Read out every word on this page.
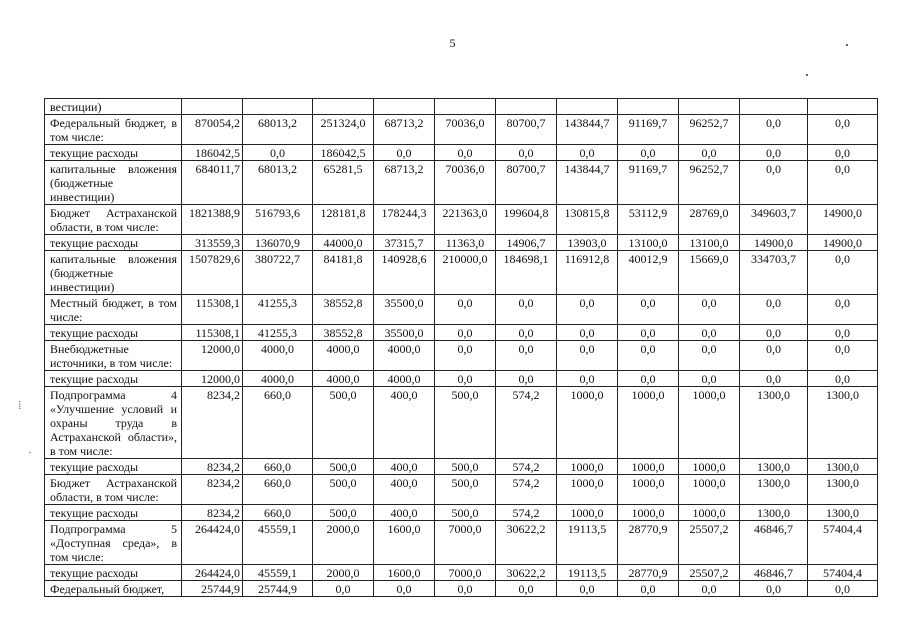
5
⁞
ˎ
вестиции)											
Федеральный бюджет, в том числе:	870054,2	68013,2	251324,0	68713,2	70036,0	80700,7	143844,7	91169,7	96252,7	0,0	0,0
текущие расходы	186042,5	0,0	186042,5	0,0	0,0	0,0	0,0	0,0	0,0	0,0	0,0
капитальные вложения (бюджетные инвестиции)	684011,7	68013,2	65281,5	68713,2	70036,0	80700,7	143844,7	91169,7	96252,7	0,0	0,0
Бюджет Астраханской области, в том числе:	1821388,9	516793,6	128181,8	178244,3	221363,0	199604,8	130815,8	53112,9	28769,0	349603,7	14900,0
текущие расходы	313559,3	136070,9	44000,0	37315,7	11363,0	14906,7	13903,0	13100,0	13100,0	14900,0	14900,0
капитальные вложения (бюджетные инвестиции)	1507829,6	380722,7	84181,8	140928,6	210000,0	184698,1	116912,8	40012,9	15669,0	334703,7	0,0
Местный бюджет, в том числе:	115308,1	41255,3	38552,8	35500,0	0,0	0,0	0,0	0,0	0,0	0,0	0,0
текущие расходы	115308,1	41255,3	38552,8	35500,0	0,0	0,0	0,0	0,0	0,0	0,0	0,0
Внебюджетные источники, в том числе:	12000,0	4000,0	4000,0	4000,0	0,0	0,0	0,0	0,0	0,0	0,0	0,0
текущие расходы	12000,0	4000,0	4000,0	4000,0	0,0	0,0	0,0	0,0	0,0	0,0	0,0
Подпрограмма 4 «Улучшение условий и охраны труда в Астраханской области», в том числе:	8234,2	660,0	500,0	400,0	500,0	574,2	1000,0	1000,0	1000,0	1300,0	1300,0
текущие расходы	8234,2	660,0	500,0	400,0	500,0	574,2	1000,0	1000,0	1000,0	1300,0	1300,0
Бюджет Астраханской области, в том числе:	8234,2	660,0	500,0	400,0	500,0	574,2	1000,0	1000,0	1000,0	1300,0	1300,0
текущие расходы	8234,2	660,0	500,0	400,0	500,0	574,2	1000,0	1000,0	1000,0	1300,0	1300,0
Подпрограмма 5 «Доступная среда», в том числе:	264424,0	45559,1	2000,0	1600,0	7000,0	30622,2	19113,5	28770,9	25507,2	46846,7	57404,4
текущие расходы	264424,0	45559,1	2000,0	1600,0	7000,0	30622,2	19113,5	28770,9	25507,2	46846,7	57404,4
Федеральный бюджет,	25744,9	25744,9	0,0	0,0	0,0	0,0	0,0	0,0	0,0	0,0	0,0
